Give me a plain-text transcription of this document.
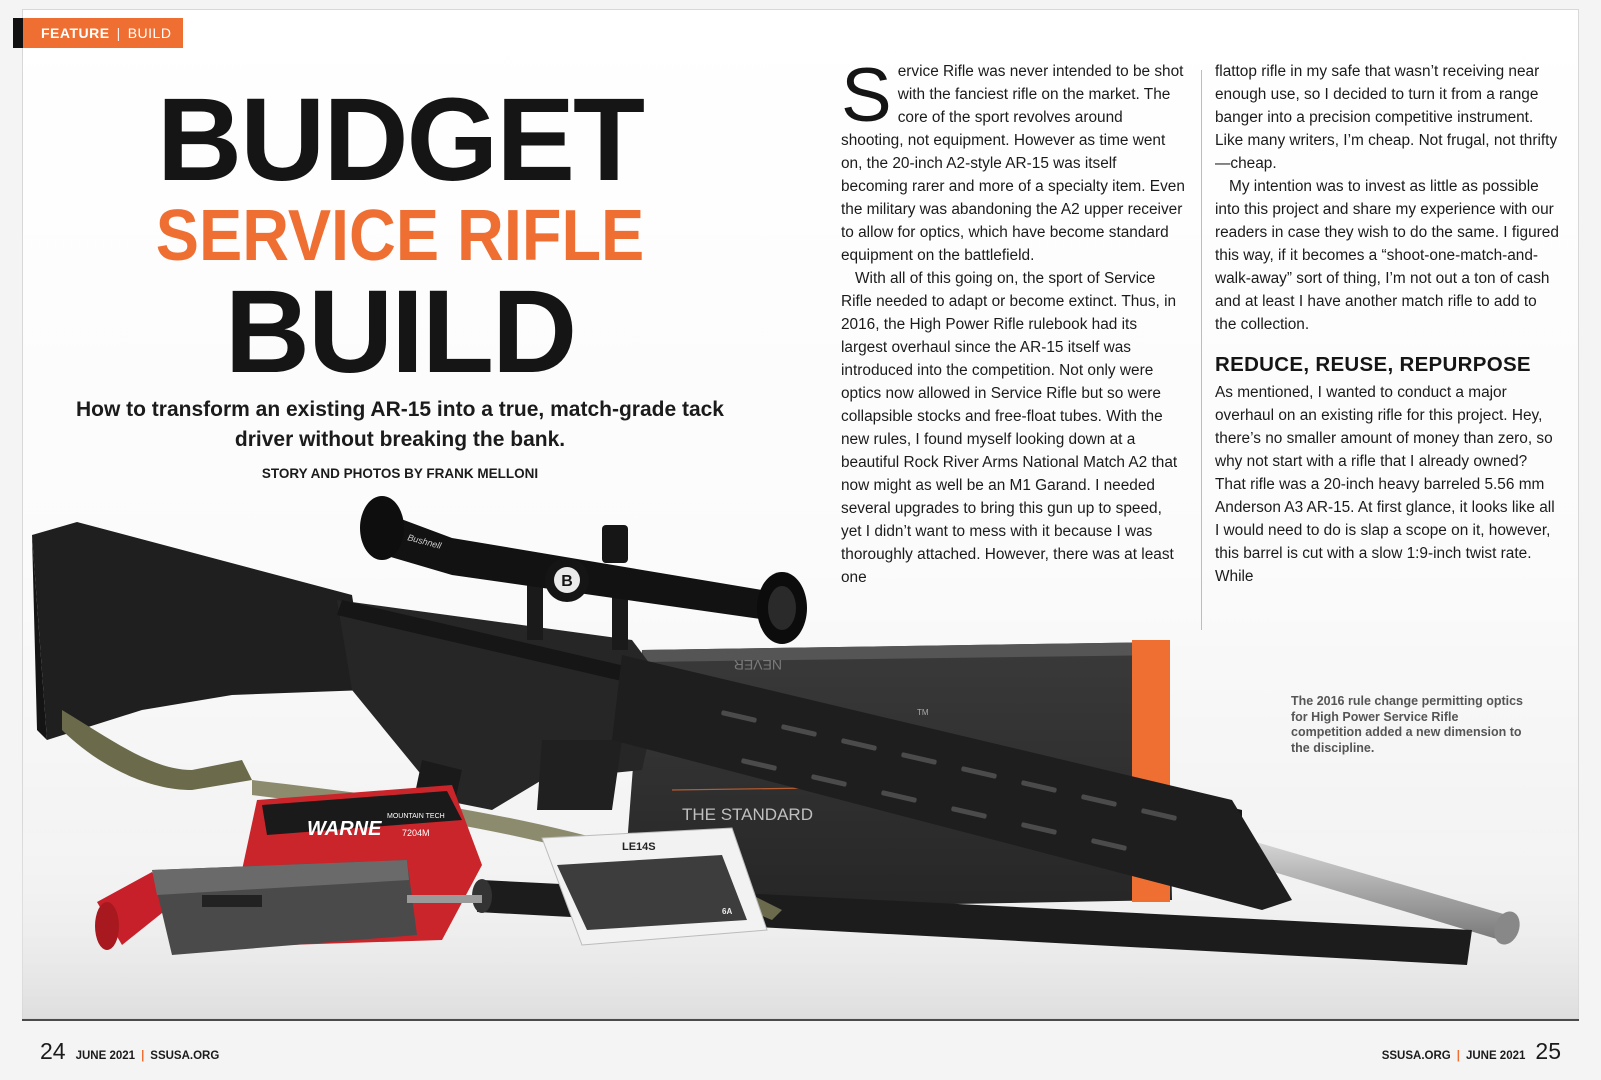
FEATURE | BUILD
BUDGET
SERVICE RIFLE
BUILD
How to transform an existing AR-15 into a true, match-grade tack driver without breaking the bank.
STORY AND PHOTOS BY FRANK MELLONI

Service Rifle was never intended to be shot with the fanciest rifle on the market. The core of the sport revolves around shooting, not equipment. However as time went on, the 20-inch A2-style AR-15 was itself becoming rarer and more of a specialty item. Even the military was abandoning the A2 upper receiver to allow for optics, which have become standard equipment on the battlefield.

With all of this going on, the sport of Service Rifle needed to adapt or become extinct. Thus, in 2016, the High Power Rifle rulebook had its largest overhaul since the AR-15 itself was introduced into the competition. Not only were optics now allowed in Service Rifle but so were collapsible stocks and free-float tubes. With the new rules, I found myself looking down at a beautiful Rock River Arms National Match A2 that now might as well be an M1 Garand. I needed several upgrades to bring this gun up to speed, yet I didn’t want to mess with it because I was thoroughly attached. However, there was at least one

flattop rifle in my safe that wasn’t receiving near enough use, so I decided to turn it from a range banger into a precision competitive instrument. Like many writers, I’m cheap. Not frugal, not thrifty—cheap.

My intention was to invest as little as possible into this project and share my experience with our readers in case they wish to do the same. I figured this way, if it becomes a “shoot-one-match-and-walk-away” sort of thing, I’m not out a ton of cash and at least I have another match rifle to add to the collection.

REDUCE, REUSE, REPURPOSE

As mentioned, I wanted to conduct a major overhaul on an existing rifle for this project. Hey, there’s no smaller amount of money than zero, so why not start with a rifle that I already owned? That rifle was a 20-inch heavy barreled 5.56 mm Anderson A3 AR-15. At first glance, it looks like all I would need to do is slap a scope on it, however, this barrel is cut with a slow 1:9-inch twist rate. While

THE STANDARD
TM
NEVER
B
Bushnell
WARNE
MOUNTAIN TECH
7204M
LE14S
6A
The 2016 rule change permitting optics for High Power Service Rifle competition added a new dimension to the discipline.
24 JUNE 2021 | SSUSA.ORG	SSUSA.ORG | JUNE 2021 25
